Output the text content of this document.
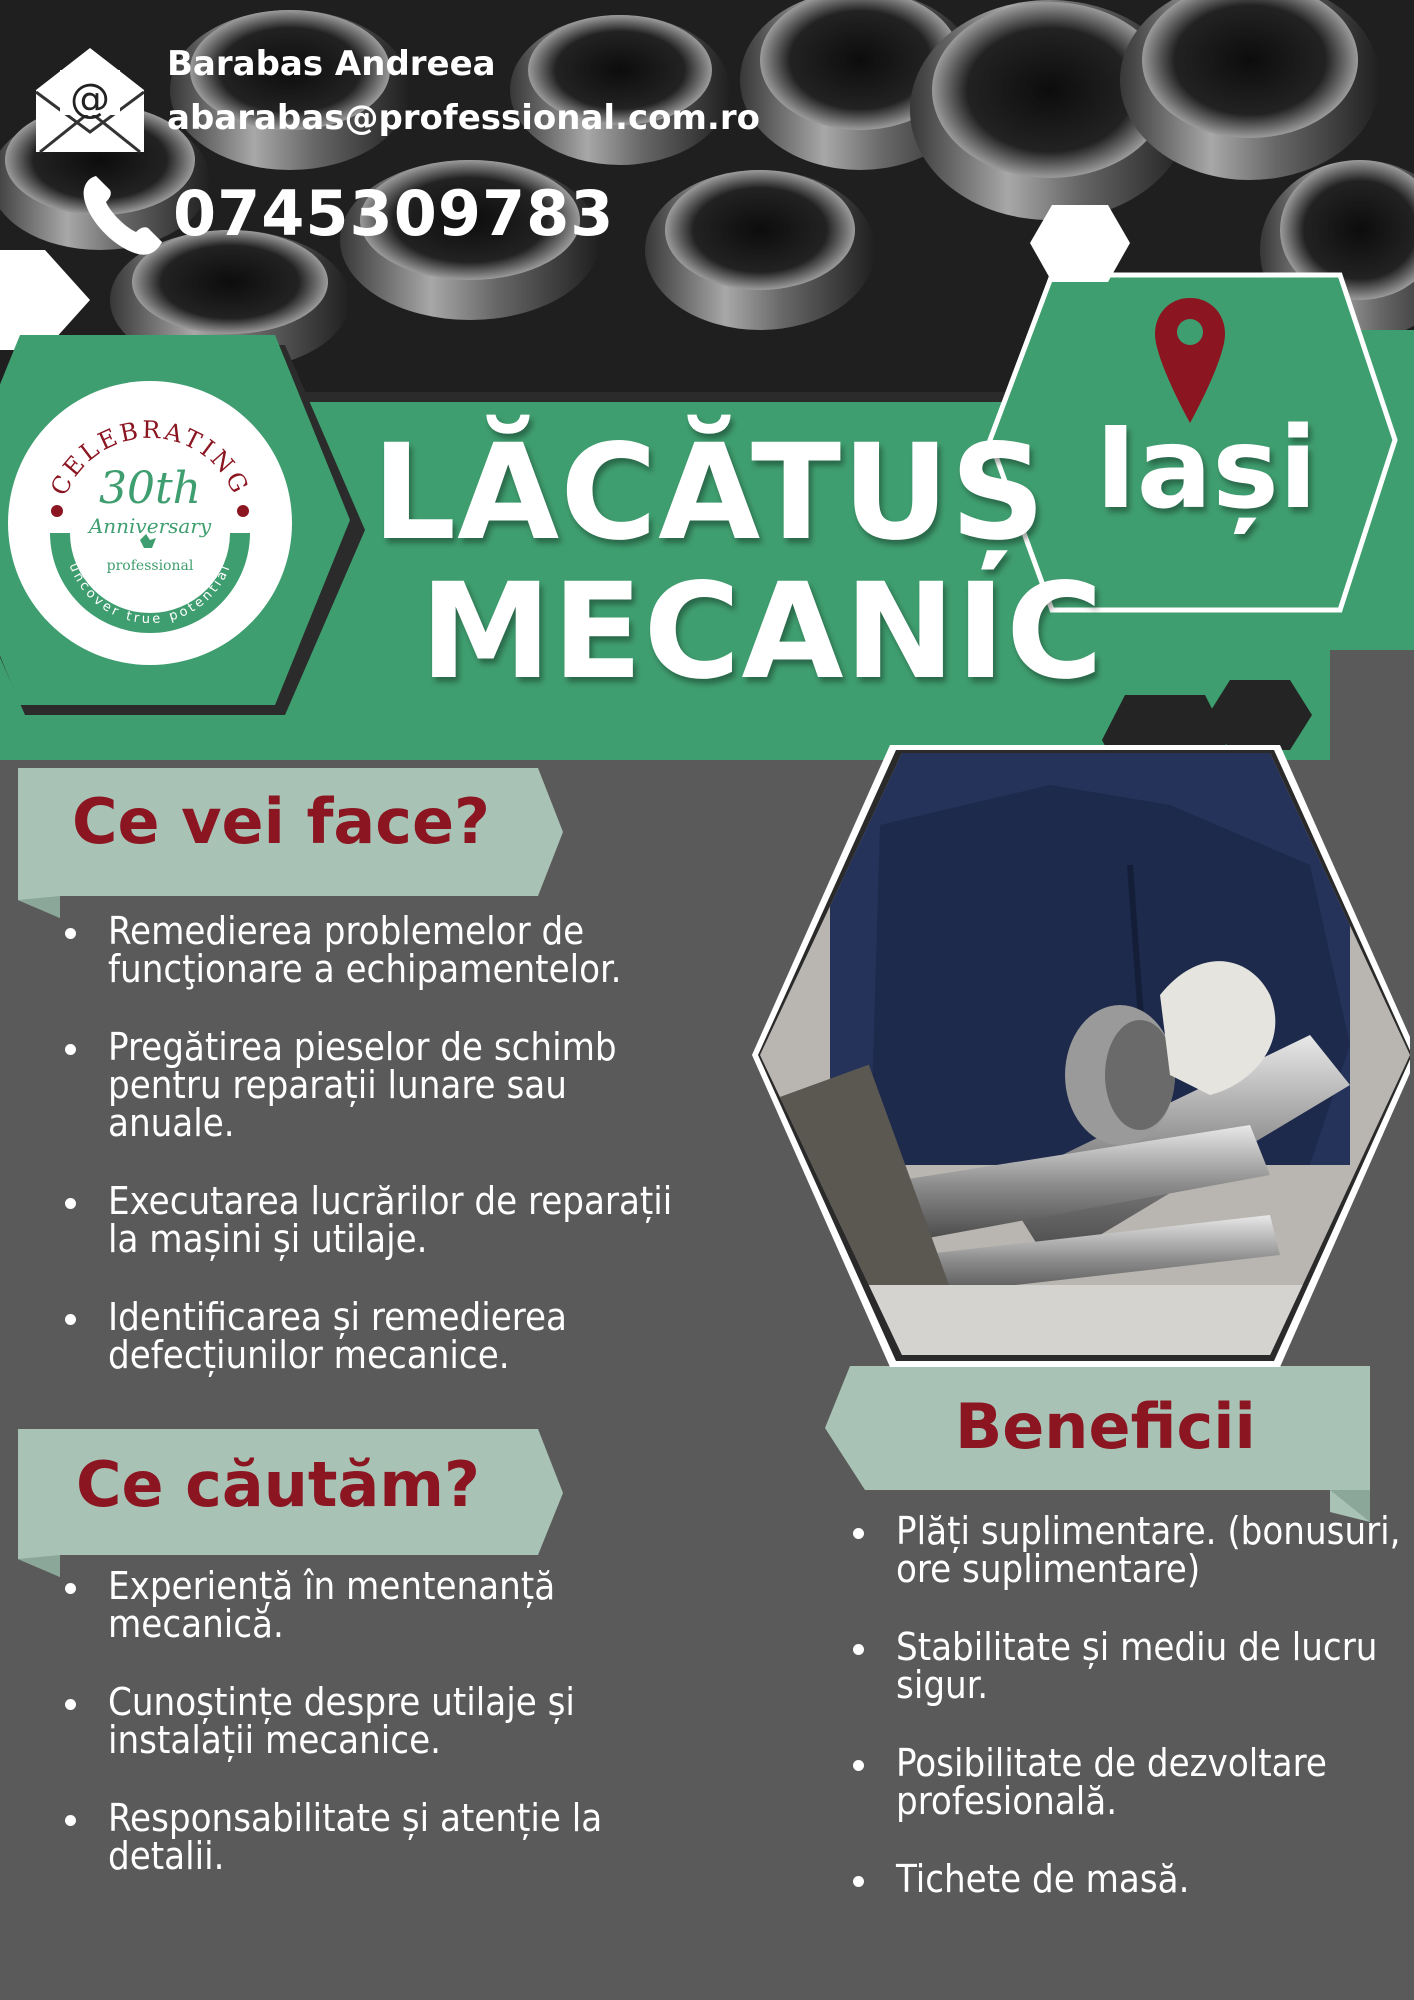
CELEBRATING
30th
Anniversary
professional
uncover true potential
@
Barabas Andreea
abarabas@professional.com.ro
0745309783
LĂCĂTUȘ
MECANIC
Iași
Ce vei face?
Ce căutăm?
Beneficii
Remedierea problemelor de funcţionare a echipamentelor.
Pregătirea pieselor de schimb pentru reparații lunare sau anuale.
Executarea lucrărilor de reparații la mașini și utilaje.
Identificarea și remedierea defecțiunilor mecanice.
Experiență în mentenanță mecanică.
Cunoștințe despre utilaje și instalații mecanice.
Responsabilitate și atenție la detalii.
Plăți suplimentare. (bonusuri, ore suplimentare)
Stabilitate și mediu de lucru sigur.
Posibilitate de dezvoltare profesională.
Tichete de masă.
